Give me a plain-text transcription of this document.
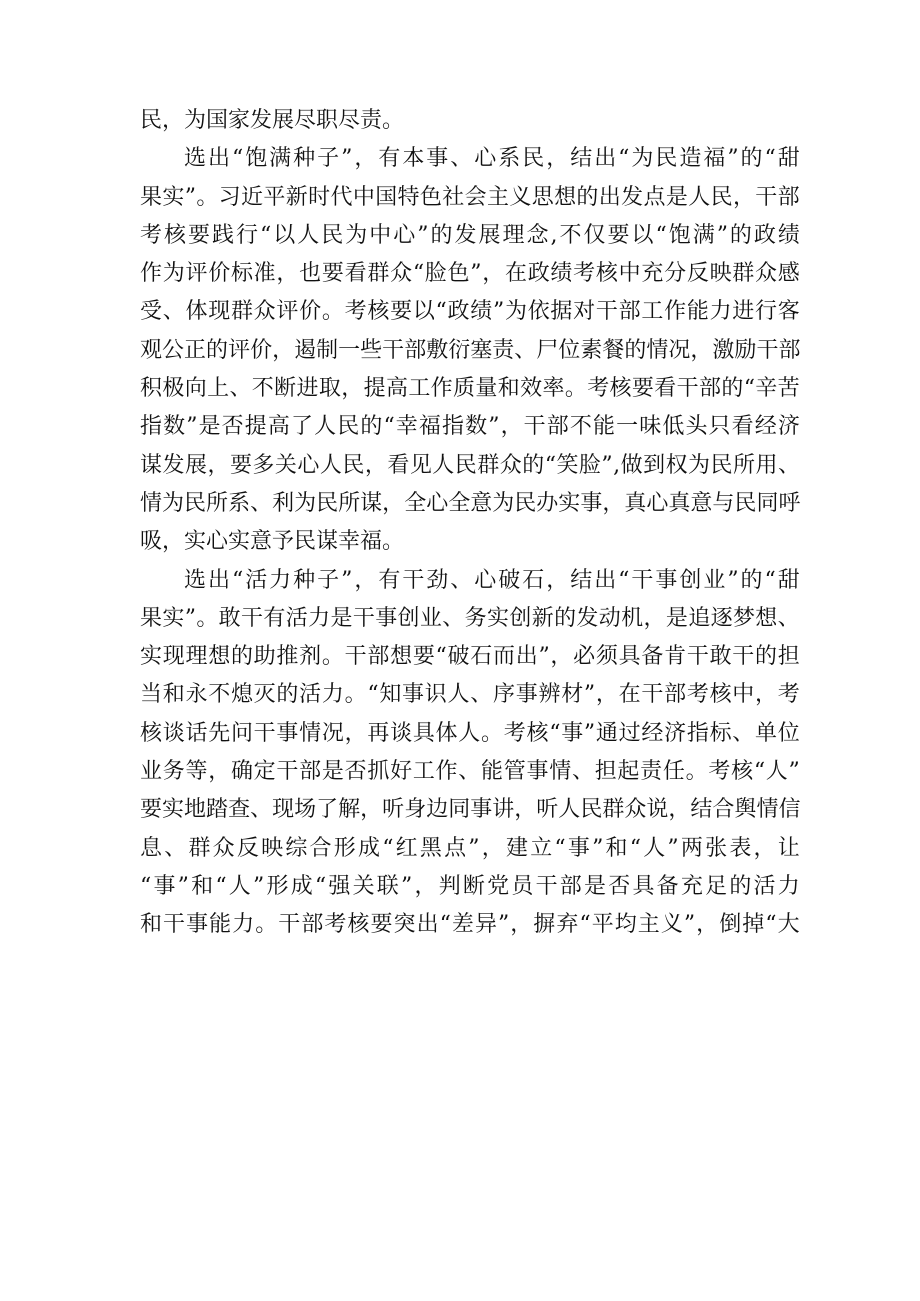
民，为国家发展尽职尽责。
选 出 “ 饱 满 种 子 ” ， 有 本 事 、 心 系 民 ， 结 出 “ 为 民 造 福 ” 的 “ 甜
果 实 ” 。 习 近 平 新 时 代 中 国 特 色 社 会 主 义 思 想 的 出 发 点 是 人 民 ， 干 部
考 核 要 践 行 “ 以 人 民 为 中 心 ” 的 发 展 理 念 , 不 仅 要 以 “ 饱 满 ” 的 政 绩
作 为 评 价 标 准 ， 也 要 看 群 众 “ 脸 色 ” ， 在 政 绩 考 核 中 充 分 反 映 群 众 感
受 、 体 现 群 众 评 价 。 考 核 要 以 “ 政 绩 ” 为 依 据 对 干 部 工 作 能 力 进 行 客
观 公 正 的 评 价 ， 遏 制 一 些 干 部 敷 衍 塞 责 、 尸 位 素 餐 的 情 况 ， 激 励 干 部
积 极 向 上 、 不 断 进 取 ， 提 高 工 作 质 量 和 效 率 。 考 核 要 看 干 部 的 “ 辛 苦
指 数 ” 是 否 提 高 了 人 民 的 “ 幸 福 指 数 ” ， 干 部 不 能 一 味 低 头 只 看 经 济
谋 发 展 ， 要 多 关 心 人 民 ， 看 见 人 民 群 众 的 “ 笑 脸 ” , 做 到 权 为 民 所 用 、
情 为 民 所 系 、 利 为 民 所 谋 ， 全 心 全 意 为 民 办 实 事 ， 真 心 真 意 与 民 同 呼
吸，实心实意予民谋幸福。
选 出 “ 活 力 种 子 ” ， 有 干 劲 、 心 破 石 ， 结 出 “ 干 事 创 业 ” 的 “ 甜
果 实 ” 。 敢 干 有 活 力 是 干 事 创 业 、 务 实 创 新 的 发 动 机 ， 是 追 逐 梦 想 、
实 现 理 想 的 助 推 剂 。 干 部 想 要 “ 破 石 而 出 ” ， 必 须 具 备 肯 干 敢 干 的 担
当 和 永 不 熄 灭 的 活 力 。 “ 知 事 识 人 、 序 事 辨 材 ” ， 在 干 部 考 核 中 ， 考
核 谈 话 先 问 干 事 情 况 ， 再 谈 具 体 人 。 考 核 “ 事 ” 通 过 经 济 指 标 、 单 位
业 务 等 ， 确 定 干 部 是 否 抓 好 工 作 、 能 管 事 情 、 担 起 责 任 。 考 核 “ 人 ”
要 实 地 踏 查 、 现 场 了 解 ， 听 身 边 同 事 讲 ， 听 人 民 群 众 说 ， 结 合 舆 情 信
息 、 群 众 反 映 综 合 形 成 “ 红 黑 点 ” ， 建 立 “ 事 ” 和 “ 人 ” 两 张 表 ， 让
“ 事 ” 和 “ 人 ” 形 成 “ 强 关 联 ” ， 判 断 党 员 干 部 是 否 具 备 充 足 的 活 力
和 干 事 能 力 。 干 部 考 核 要 突 出 “ 差 异 ” ， 摒 弃 “ 平 均 主 义 ” ， 倒 掉 “ 大
